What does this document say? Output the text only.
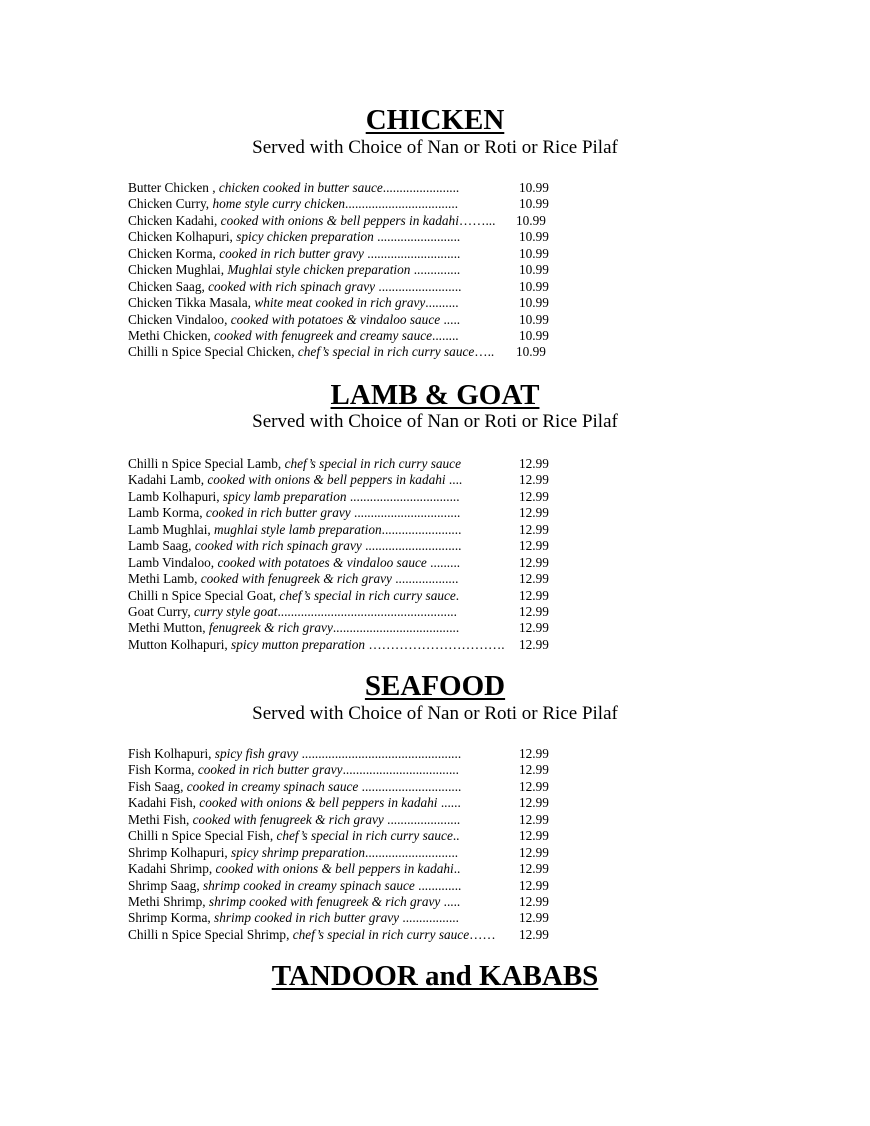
CHICKEN

Served with Choice of Nan or Roti or Rice Pilaf

Butter Chicken , chicken cooked in butter sauce.......................	10.99
Chicken Curry, home style curry chicken..................................	10.99
Chicken Kadahi, cooked with onions & bell peppers in kadahi……... 10.99
Chicken Kolhapuri, spicy chicken preparation .........................	10.99
Chicken Korma, cooked in rich butter gravy ............................	10.99
Chicken Mughlai, Mughlai style chicken preparation ..............	10.99
Chicken Saag, cooked with rich spinach gravy .........................	10.99
Chicken Tikka Masala, white meat cooked in rich gravy..........	10.99
Chicken Vindaloo, cooked with potatoes & vindaloo sauce .....	10.99
Methi Chicken, cooked with fenugreek and creamy sauce........	10.99
Chilli n Spice Special Chicken, chef’s special in rich curry sauce….. 10.99
LAMB & GOAT

Served with Choice of Nan or Roti or Rice Pilaf

Chilli n Spice Special Lamb, chef’s special in rich curry sauce	12.99
Kadahi Lamb, cooked with onions & bell peppers in kadahi ....	12.99
Lamb Kolhapuri, spicy lamb preparation .................................	12.99
Lamb Korma, cooked in rich butter gravy ................................	12.99
Lamb Mughlai, mughlai style lamb preparation........................	12.99
Lamb Saag, cooked with rich spinach gravy .............................	12.99
Lamb Vindaloo, cooked with potatoes & vindaloo sauce .........	12.99
Methi Lamb, cooked with fenugreek & rich gravy ...................	12.99
Chilli n Spice Special Goat, chef’s special in rich curry sauce.	12.99
Goat Curry, curry style goat......................................................	12.99
Methi Mutton, fenugreek & rich gravy......................................	12.99
Mutton Kolhapuri, spicy mutton preparation …………………………. 12.99
SEAFOOD

Served with Choice of Nan or Roti or Rice Pilaf

Fish Kolhapuri, spicy fish gravy ................................................	12.99
Fish Korma, cooked in rich butter gravy...................................	12.99
Fish Saag, cooked in creamy spinach sauce ..............................	12.99
Kadahi Fish, cooked with onions & bell peppers in kadahi ......	12.99
Methi Fish, cooked with fenugreek & rich gravy ......................	12.99
Chilli n Spice Special Fish, chef’s special in rich curry sauce..	12.99
Shrimp Kolhapuri, spicy shrimp preparation............................	12.99
Kadahi Shrimp, cooked with onions & bell peppers in kadahi..	12.99
Shrimp Saag, shrimp cooked in creamy spinach sauce .............	12.99
Methi Shrimp, shrimp cooked with fenugreek & rich gravy .....	12.99
Shrimp Korma, shrimp cooked in rich butter gravy .................	12.99
Chilli n Spice Special Shrimp, chef’s special in rich curry sauce…… 12.99
TANDOOR and KABABS
